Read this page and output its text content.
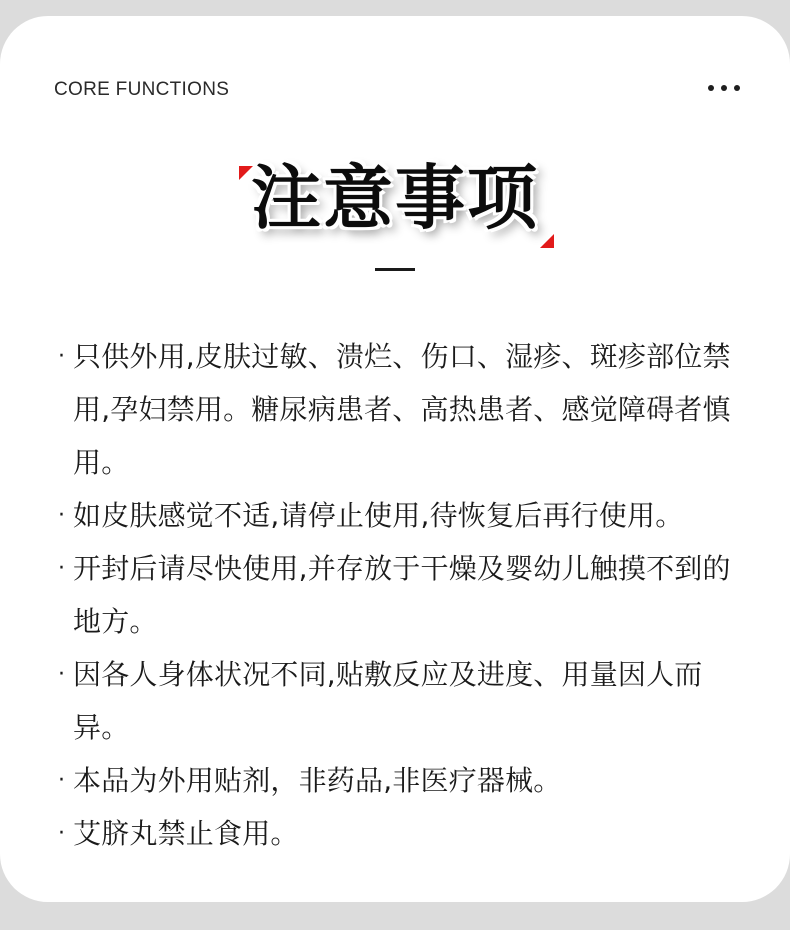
CORE FUNCTIONS
注意事项
· 只供外用,皮肤过敏、溃烂、伤口、湿疹、斑疹部位禁用,孕妇禁用。糖尿病患者、高热患者、感觉障碍者慎用。
· 如皮肤感觉不适,请停止使用,待恢复后再行使用。
· 开封后请尽快使用,并存放于干燥及婴幼儿触摸不到的地方。
· 因各人身体状况不同,贴敷反应及进度、用量因人而异。
· 本品为外用贴剂，非药品,非医疗器械。
· 艾脐丸禁止食用。
